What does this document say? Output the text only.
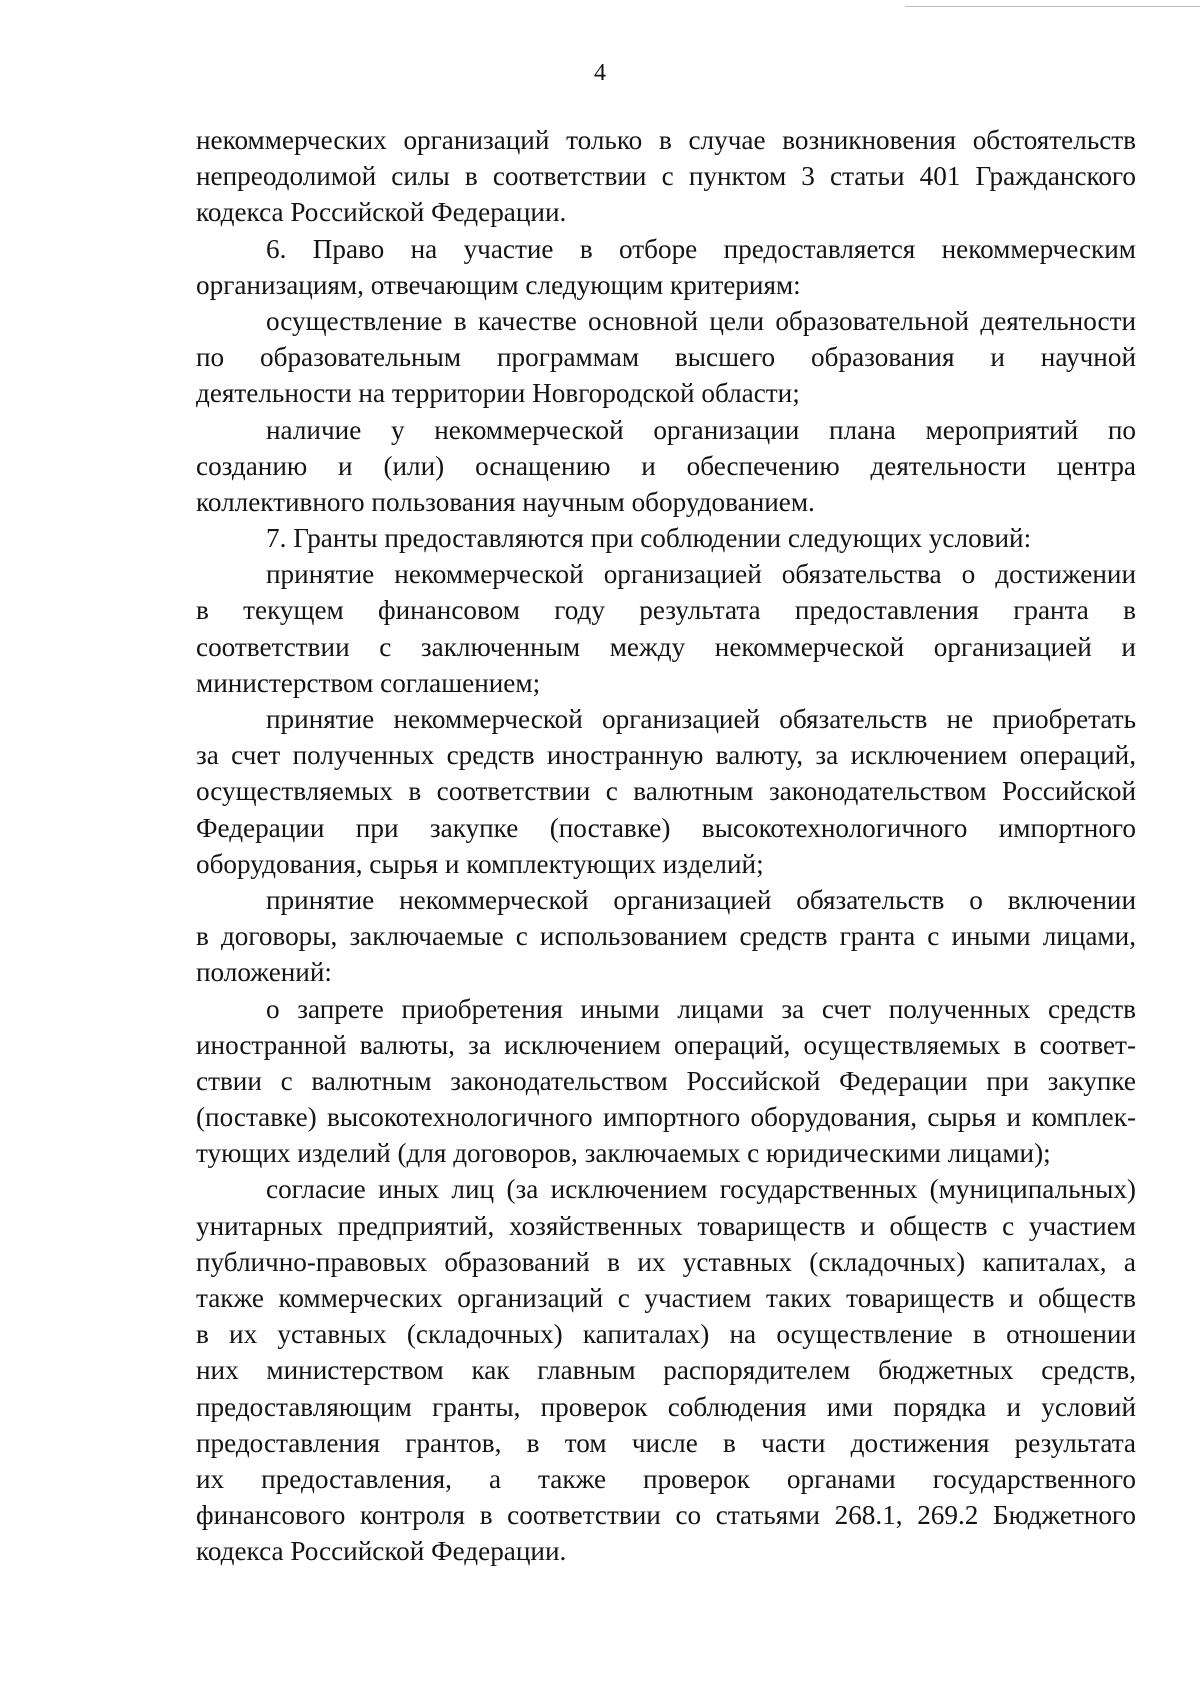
4
некоммерческих организаций только в случае возникновения обстоятельств
непреодолимой силы в соответствии с пунктом 3 статьи 401 Гражданского
кодекса Российской Федерации.
6. Право на участие в отборе предоставляется некоммерческим
организациям, отвечающим следующим критериям:
осуществление в качестве основной цели образовательной деятельности
по образовательным программам высшего образования и научной
деятельности на территории Новгородской области;
наличие у некоммерческой организации плана мероприятий по
созданию и (или) оснащению и обеспечению деятельности центра
коллективного пользования научным оборудованием.
7. Гранты предоставляются при соблюдении следующих условий:
принятие некоммерческой организацией обязательства о достижении
в текущем финансовом году результата предоставления гранта в
соответствии с заключенным между некоммерческой организацией и
министерством соглашением;
принятие некоммерческой организацией обязательств не приобретать
за счет полученных средств иностранную валюту, за исключением операций,
осуществляемых в соответствии с валютным законодательством Российской
Федерации при закупке (поставке) высокотехнологичного импортного
оборудования, сырья и комплектующих изделий;
принятие некоммерческой организацией обязательств о включении
в договоры, заключаемые с использованием средств гранта с иными лицами,
положений:
о запрете приобретения иными лицами за счет полученных средств
иностранной валюты, за исключением операций, осуществляемых в соответ-
ствии с валютным законодательством Российской Федерации при закупке
(поставке) высокотехнологичного импортного оборудования, сырья и комплек-
тующих изделий (для договоров, заключаемых с юридическими лицами);
согласие иных лиц (за исключением государственных (муниципальных)
унитарных предприятий, хозяйственных товариществ и обществ с участием
публично-правовых образований в их уставных (складочных) капиталах, а
также коммерческих организаций с участием таких товариществ и обществ
в их уставных (складочных) капиталах) на осуществление в отношении
них министерством как главным распорядителем бюджетных средств,
предоставляющим гранты, проверок соблюдения ими порядка и условий
предоставления грантов, в том числе в части достижения результата
их предоставления, а также проверок органами государственного
финансового контроля в соответствии со статьями 268.1, 269.2 Бюджетного
кодекса Российской Федерации.
